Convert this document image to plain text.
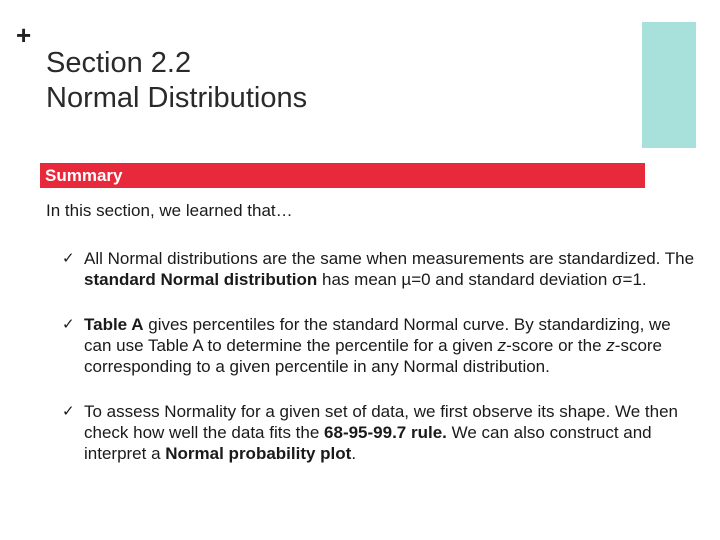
+
Section 2.2
Normal Distributions
Summary
In this section, we learned that…
✓ All Normal distributions are the same when measurements are standardized. The standard Normal distribution has mean µ=0 and standard deviation σ=1.
✓ Table A gives percentiles for the standard Normal curve. By standardizing, we can use Table A to determine the percentile for a given z-score or the z-score corresponding to a given percentile in any Normal distribution.
✓ To assess Normality for a given set of data, we first observe its shape. We then check how well the data fits the 68-95-99.7 rule. We can also construct and interpret a Normal probability plot.
